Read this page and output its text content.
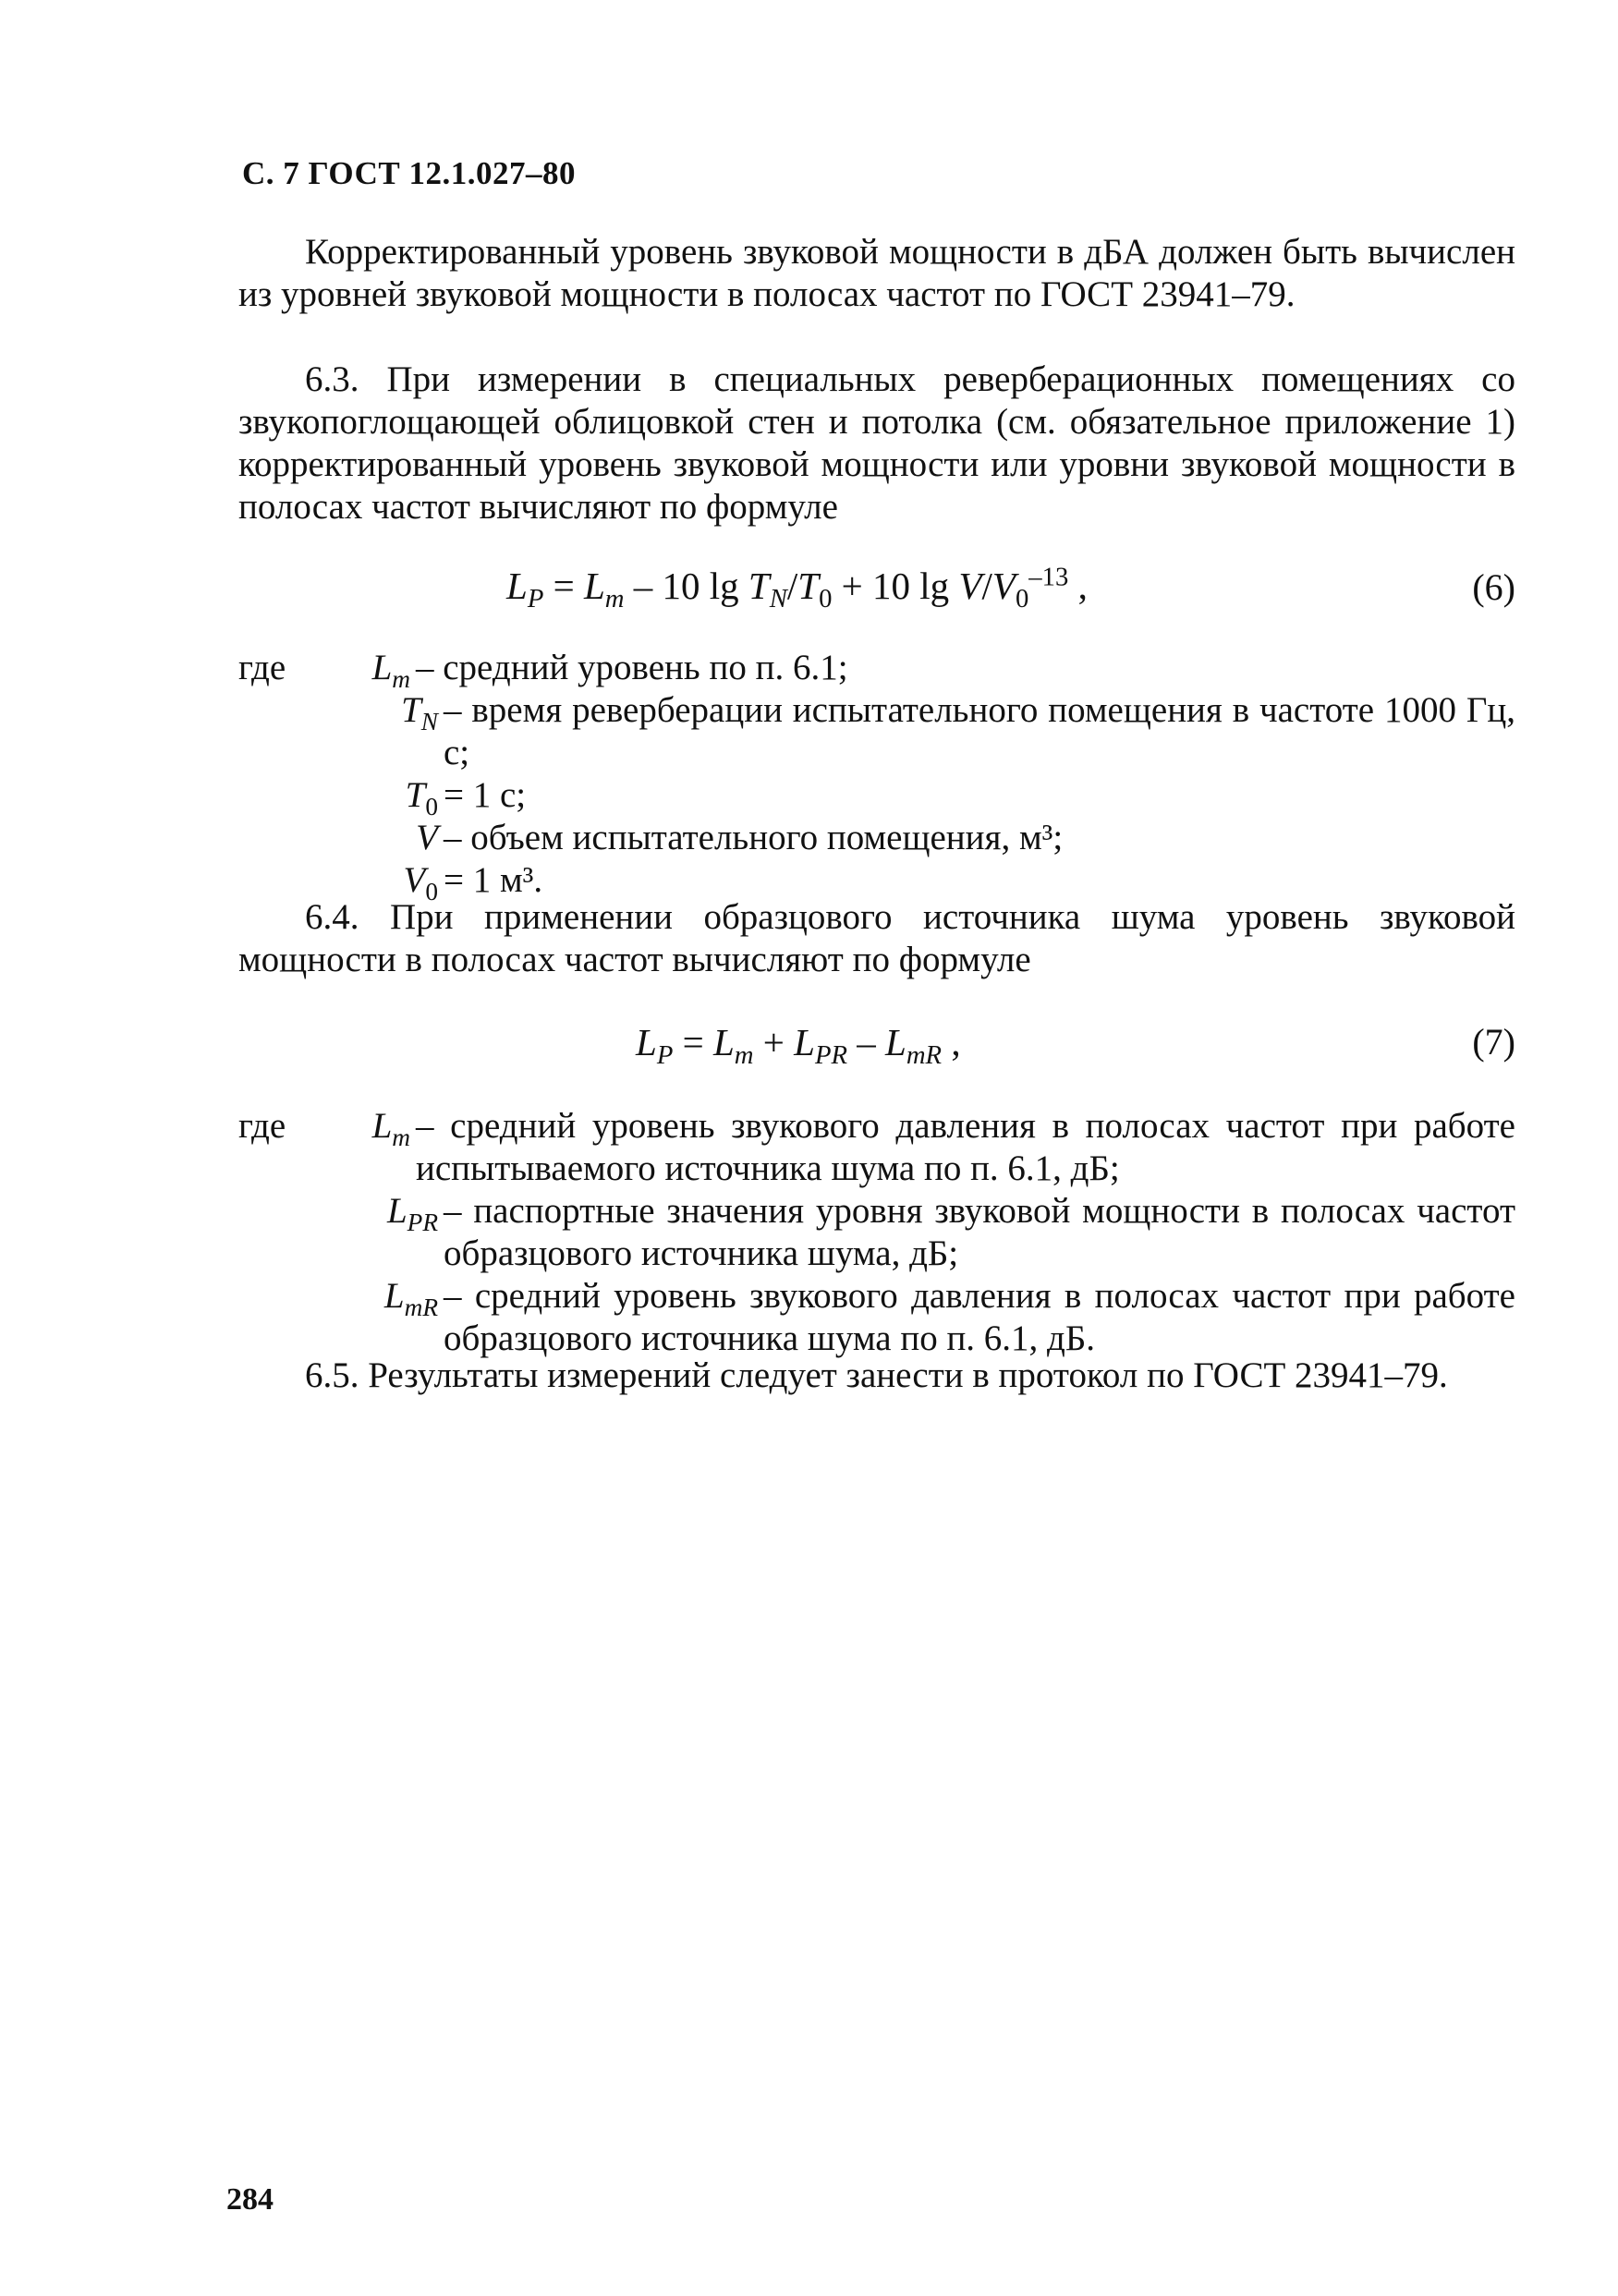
С. 7 ГОСТ 12.1.027–80
Корректированный уровень звуковой мощности в дБА должен быть вычислен из уровней звуковой мощности в полосах частот по ГОСТ 23941–79.
6.3. При измерении в специальных реверберационных помещениях со звукопоглощающей облицовкой стен и потолка (см. обязательное приложение 1) корректированный уровень звуковой мощности или уровни звуковой мощности в полосах частот вычисляют по формуле
$L_P = L_m - 10$ $\lg T_N/T_0 + 10$ $\lg V/V_0^{-13}$ ,	(6)
где	$L_m$ – средний уровень по п. 6.1;
$T_N$ – время реверберации испытательного помещения в частоте 1000 Гц, с;
$T_0 = 1$ с;
V – объем испытательного помещения, м³;
$V_0 = 1$ м³.
6.4. При применении образцового источника шума уровень звуковой мощности в полосах частот вычисляют по формуле
$L_P = L_m + L_{PR} - L_{mR}$ ,	(7)
где	$L_m$ – средний уровень звукового давления в полосах частот при работе испытываемого источника шума по п. 6.1, дБ;
$L_{PR}$ – паспортные значения уровня звуковой мощности в полосах частот образцового источника шума, дБ;
$L_{mR}$ – средний уровень звукового давления в полосах частот при работе образцового источника шума по п. 6.1, дБ.
6.5. Результаты измерений следует занести в протокол по ГОСТ 23941–79.
284
